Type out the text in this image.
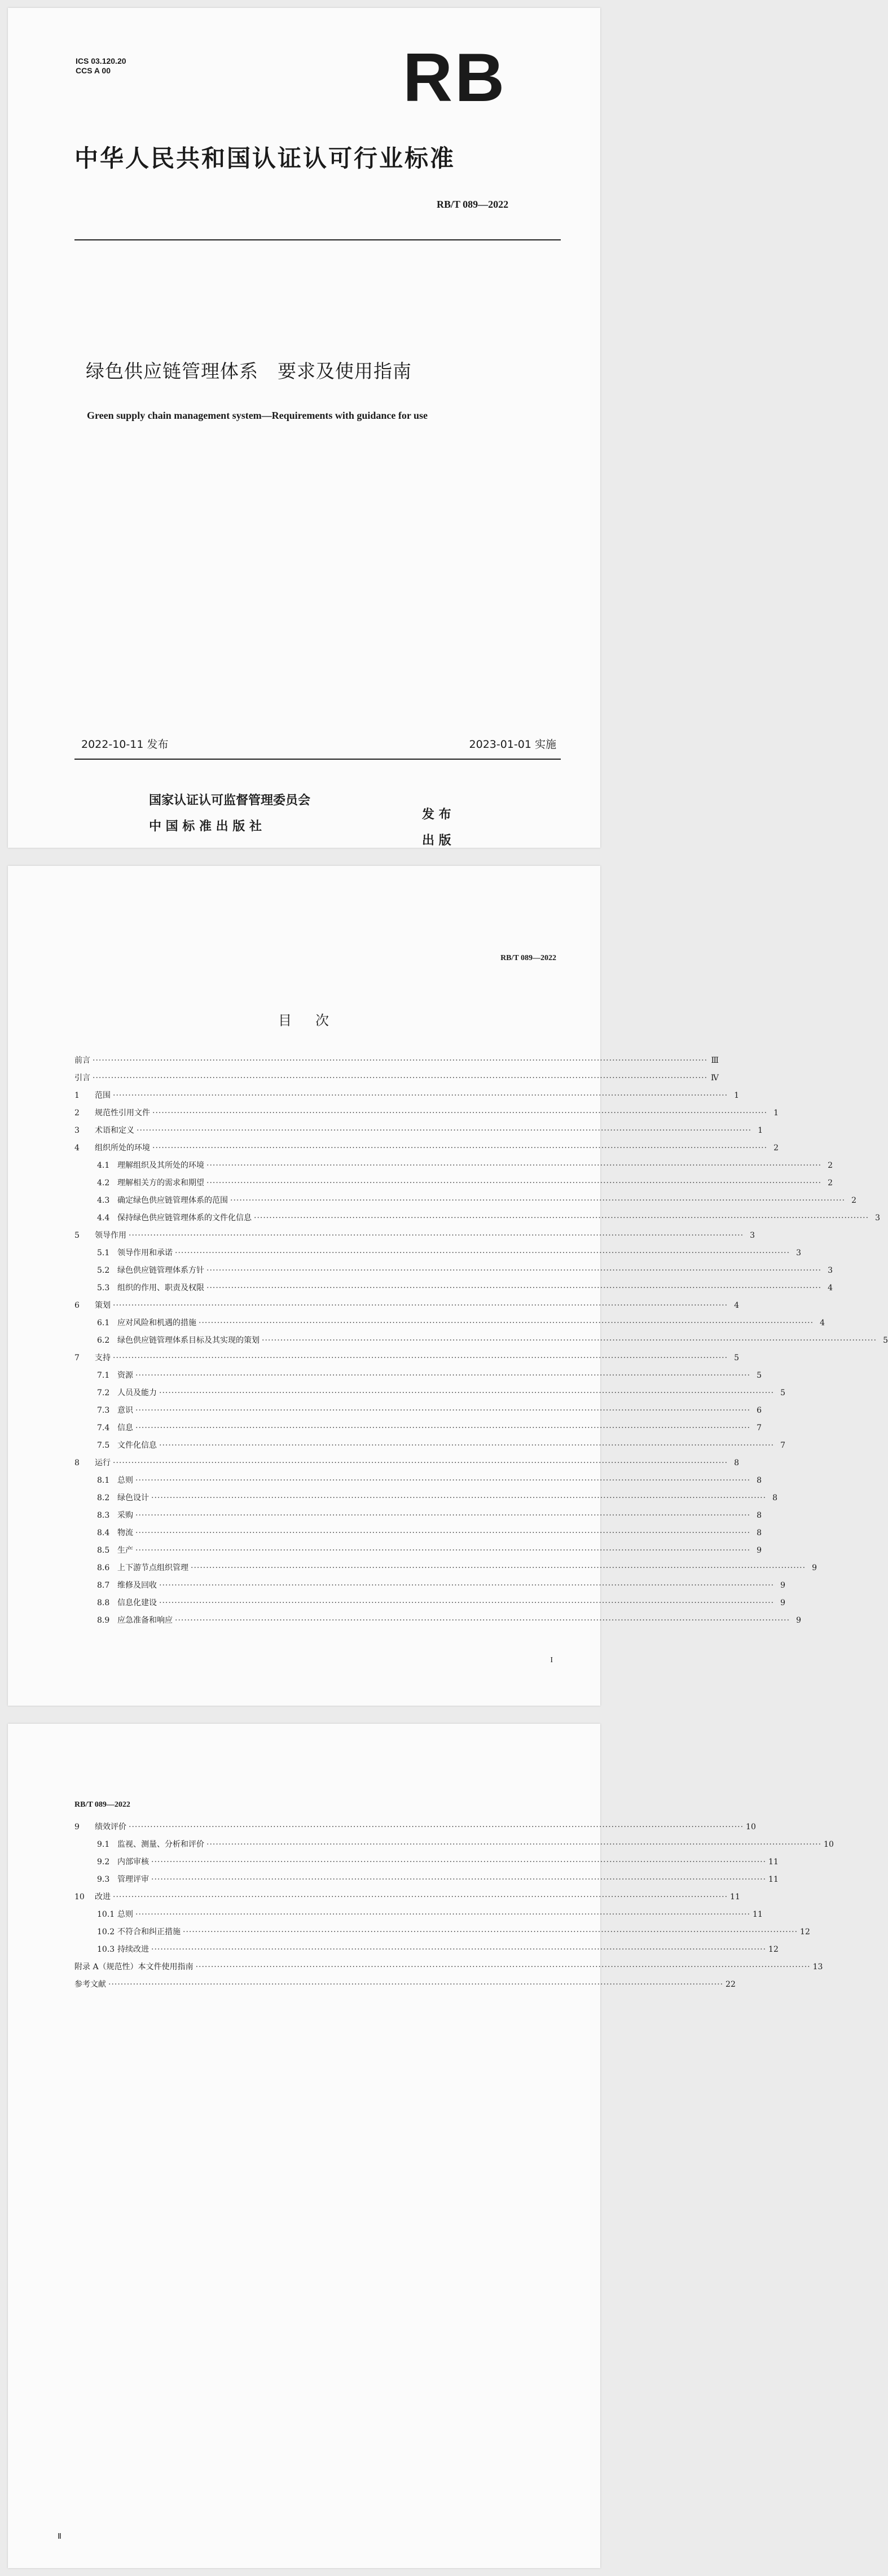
ICS 03.120.20
CCS A 00	RB
中华人民共和国认证认可行业标准
RB/T 089—2022
绿色供应链管理体系 要求及使用指南
Green supply chain management system—Requirements with guidance for use
2022-10-11 发布	2023-01-01 实施

国家认证认可监督管理委员会

发 布

中 国 标 准 出 版 社

出 版

RB/T 089—2022
目 次
前言 ········································································································································································································ Ⅲ
引言 ········································································································································································································ Ⅳ
1 范围 ········································································································································································································ 1
2 规范性引用文件 ········································································································································································································ 1
3 术语和定义 ········································································································································································································ 1
4 组织所处的环境 ········································································································································································································ 2
4.1 理解组织及其所处的环境 ········································································································································································································ 2
4.2 理解相关方的需求和期望 ········································································································································································································ 2
4.3 确定绿色供应链管理体系的范围 ········································································································································································································ 2
4.4 保持绿色供应链管理体系的文件化信息 ········································································································································································································ 3
5 领导作用 ········································································································································································································ 3
5.1 领导作用和承诺 ········································································································································································································ 3
5.2 绿色供应链管理体系方针 ········································································································································································································ 3
5.3 组织的作用、职责及权限 ········································································································································································································ 4
6 策划 ········································································································································································································ 4
6.1 应对风险和机遇的措施 ········································································································································································································ 4
6.2 绿色供应链管理体系目标及其实现的策划 ········································································································································································································ 5
7 支持 ········································································································································································································ 5
7.1 资源 ········································································································································································································ 5
7.2 人员及能力 ········································································································································································································ 5
7.3 意识 ········································································································································································································ 6
7.4 信息 ········································································································································································································ 7
7.5 文件化信息 ········································································································································································································ 7
8 运行 ········································································································································································································ 8
8.1 总则 ········································································································································································································ 8
8.2 绿色设计 ········································································································································································································ 8
8.3 采购 ········································································································································································································ 8
8.4 物流 ········································································································································································································ 8
8.5 生产 ········································································································································································································ 9
8.6 上下游节点组织管理 ········································································································································································································ 9
8.7 维修及回收 ········································································································································································································ 9
8.8 信息化建设 ········································································································································································································ 9
8.9 应急准备和响应 ········································································································································································································ 9
I
RB/T 089—2022
9 绩效评价 ········································································································································································································ 10
9.1 监视、测量、分析和评价 ········································································································································································································ 10
9.2 内部审核 ········································································································································································································ 11
9.3 管理评审 ········································································································································································································ 11
10 改进 ········································································································································································································ 11
10.1 总则 ········································································································································································································ 11
10.2 不符合和纠正措施 ········································································································································································································ 12
10.3 持续改进 ········································································································································································································ 12
附录 A（规范性）本文件使用指南 ········································································································································································································ 13
参考文献 ········································································································································································································ 22
Ⅱ
